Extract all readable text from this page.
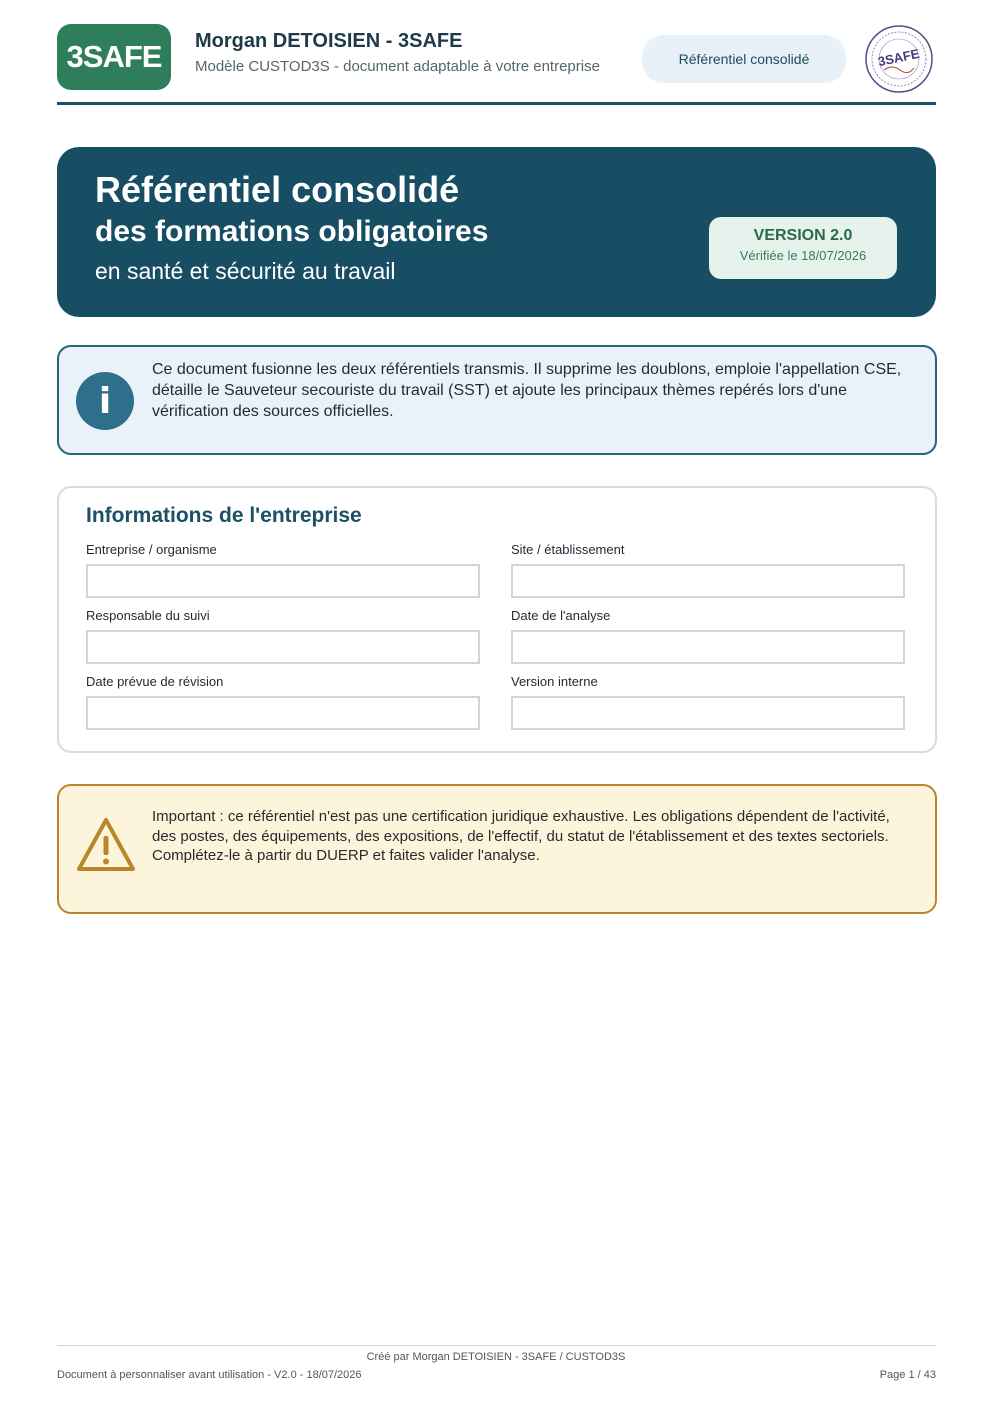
3SAFE	Morgan DETOISIEN - 3SAFE
Modèle CUSTOD3S - document adaptable à votre entreprise	Référentiel consolidé	3SAFE
Référentiel consolidé
des formations obligatoires
en santé et sécurité au travail
VERSION 2.0
Vérifiée le 18/07/2026
i
Ce document fusionne les deux référentiels transmis. Il supprime les doublons, emploie l'appellation CSE, détaille le Sauveteur secouriste du travail (SST) et ajoute les principaux thèmes repérés lors d'une vérification des sources officielles.
Informations de l'entreprise
Entreprise / organisme	Site / établissement
Responsable du suivi	Date de l'analyse
Date prévue de révision	Version interne
Important : ce référentiel n'est pas une certification juridique exhaustive. Les obligations dépendent de l'activité, des postes, des équipements, des expositions, de l'effectif, du statut de l'établissement et des textes sectoriels. Complétez-le à partir du DUERP et faites valider l'analyse.
Créé par Morgan DETOISIEN - 3SAFE / CUSTOD3S
Document à personnaliser avant utilisation - V2.0 - 18/07/2026	Page 1 / 43
